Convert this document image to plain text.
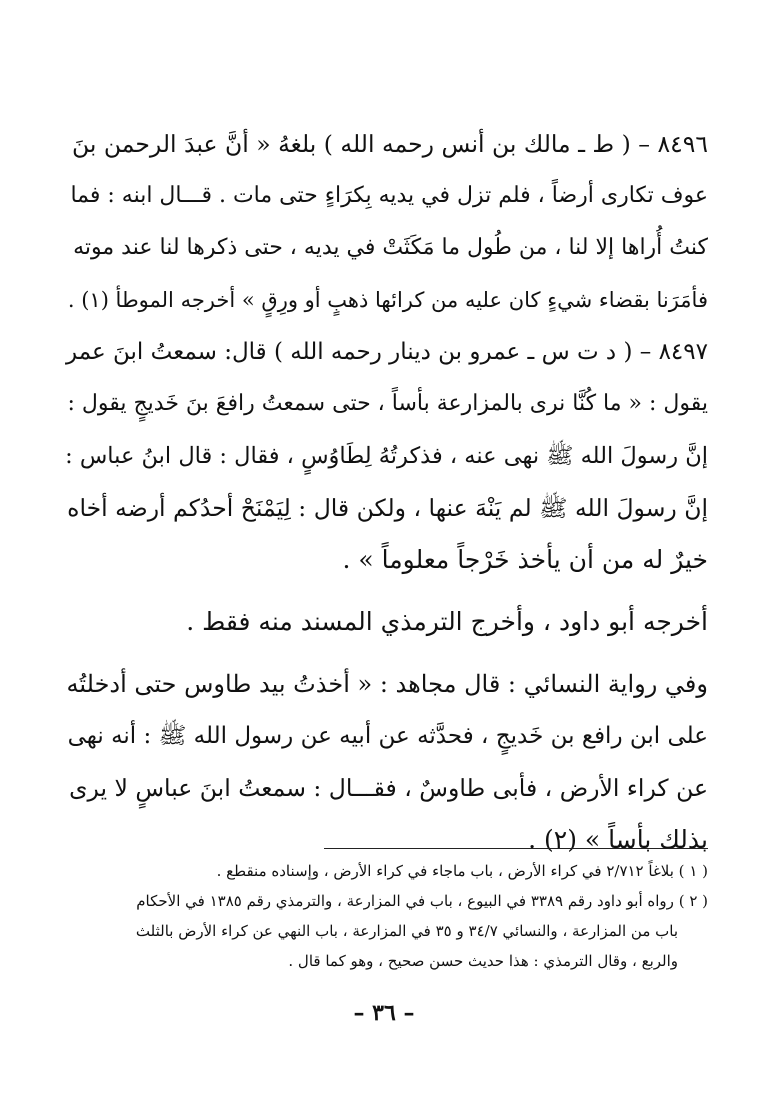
٨٤٩٦ – ( ط ـ مالك بن أنس رحمه الله ) بلغهُ « أنَّ عبدَ الرحمن بنَ
عوف تكارى أرضاً ، فلم تزل في يديه بِكرَاءٍ حتى مات . قـــال ابنه : فما
كنتُ أُراها إلا لنا ، من طُول ما مَكَثَتْ في يديه ، حتى ذكرها لنا عند موته
فأمَرَنا بقضاء شيءٍ كان عليه من كرائها ذهبٍ أو ورِقٍ » أخرجه الموطأ (١) .
٨٤٩٧ – ( د ت س ـ عمرو بن دينار رحمه الله ) قال: سمعتُ ابنَ عمر
يقول : « ما كُنَّا نرى بالمزارعة بأساً ، حتى سمعتُ رافعَ بنَ خَديجٍ يقول :
إنَّ رسولَ الله ﷺ نهى عنه ، فذكرتُهُ لِطَاوُسٍ ، فقال : قال ابنُ عباس :
إنَّ رسولَ الله ﷺ لم يَنْهَ عنها ، ولكن قال : لِيَمْنَحْ أحدُكم أرضه أخاه
خيرٌ له من أن يأخذ خَرْجاً معلوماً » .
أخرجه أبو داود ، وأخرج الترمذي المسند منه فقط .
وفي رواية النسائي : قال مجاهد : « أخذتُ بيد طاوس حتى أدخلتُه
على ابن رافع بن خَديجٍ ، فحدَّثه عن أبيه عن رسول الله ﷺ : أنه نهى
عن كراء الأرض ، فأبى طاوسٌ ، فقـــال : سمعتُ ابنَ عباسٍ لا يرى
بذلك بأساً » (٢) .
( ١ ) بلاغاً ٢/٧١٢ في كراء الأرض ، باب ماجاء في كراء الأرض ، وإسناده منقطع .
( ٢ ) رواه أبو داود رقم ٣٣٨٩ في البيوع ، باب في المزارعة ، والترمذي رقم ١٣٨٥ في الأحكام
باب من المزارعة ، والنسائي ٣٤/٧ و ٣٥ في المزارعة ، باب النهي عن كراء الأرض بالثلث
والربع ، وقال الترمذي : هذا حديث حسن صحيح ، وهو كما قال .
– ٣٦ –
